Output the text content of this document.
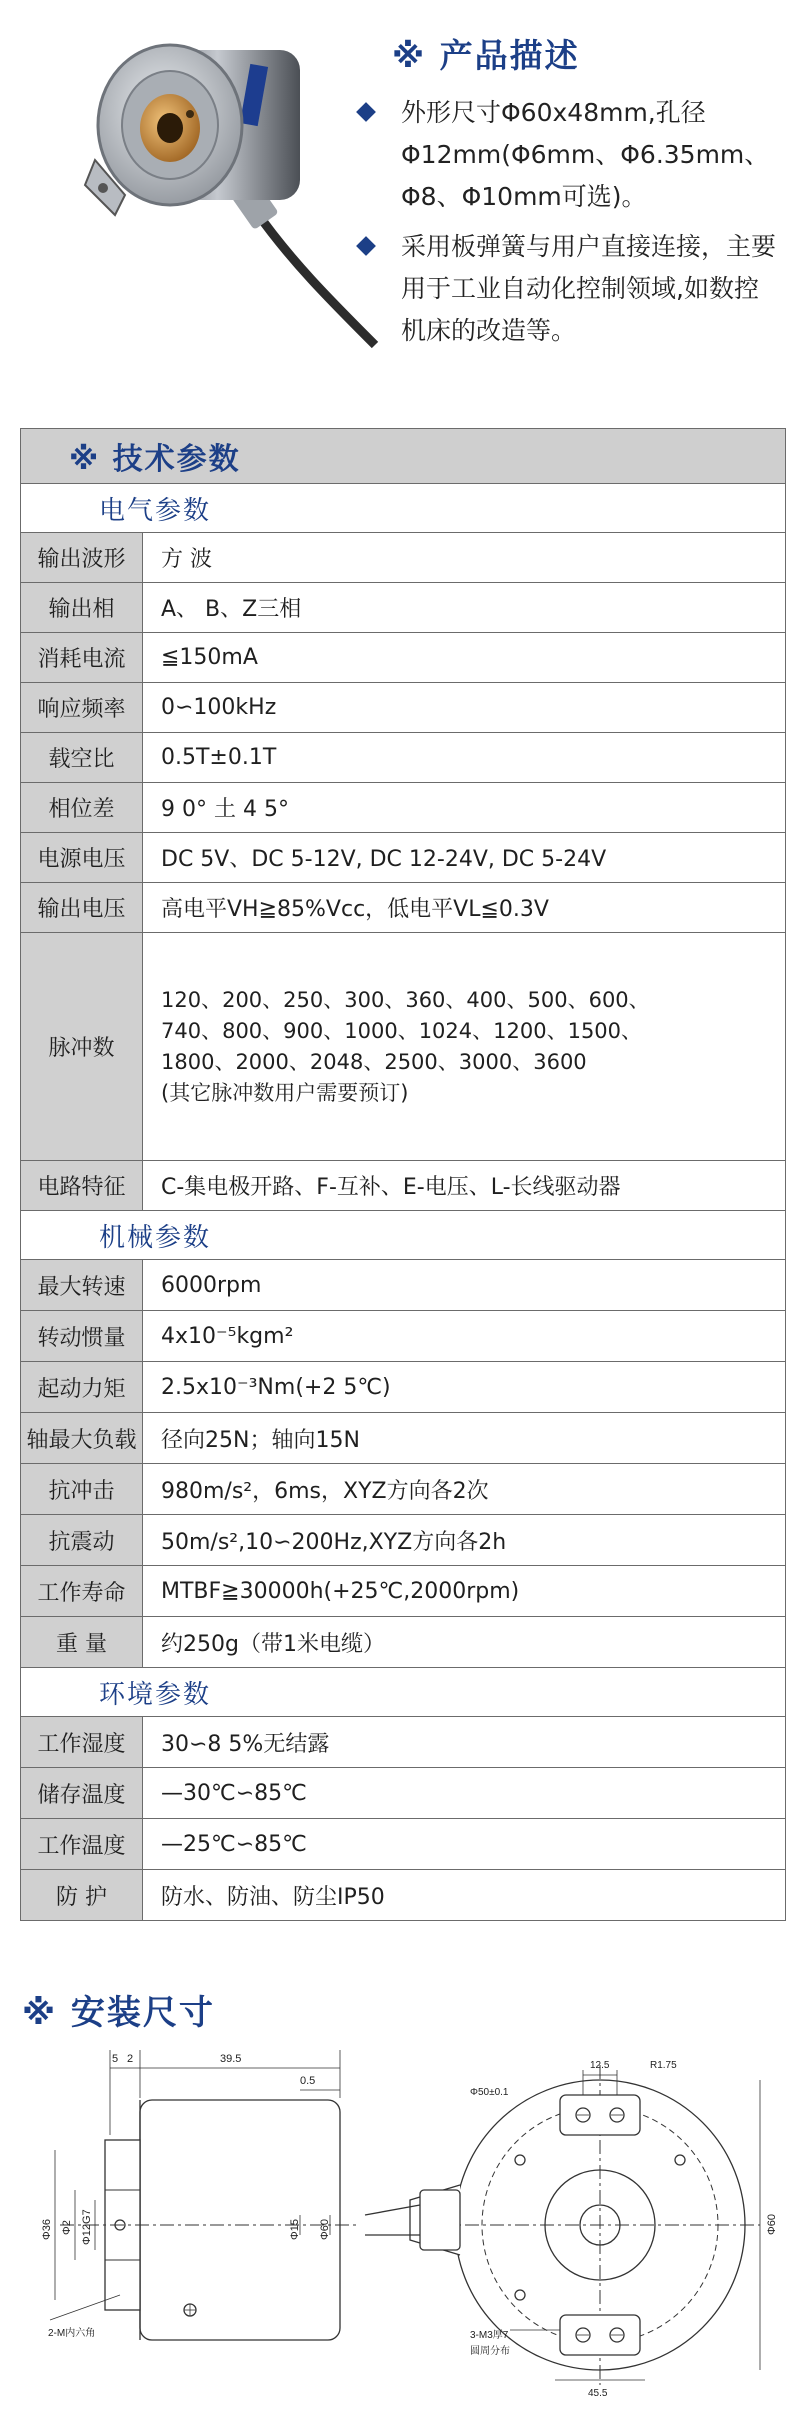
※ 产品描述
外形尺寸Φ60x48mm,孔径Φ12mm(Φ6mm、Φ6.35mm、Φ8、Φ10mm可选)。
采用板弹簧与用户直接连接，主要用于工业自动化控制领域,如数控机床的改造等。
※ 技术参数	
电气参数	
输出波形	方 波
输出相	A、 B、Z三相
消耗电流	≦150mA
响应频率	0∽100kHz
载空比	0.5T±0.1T
相位差	9 0° 土 4 5°
电源电压	DC 5V、DC 5-12V, DC 12-24V, DC 5-24V
输出电压	高电平VH≧85%Vcc，低电平VL≦0.3V
脉冲数	120、200、250、300、360、400、500、600、
740、800、900、1000、1024、1200、1500、
1800、2000、2048、2500、3000、3600
(其它脉冲数用户需要预订)

电路特征	C-集电极开路、F-互补、E-电压、L-长线驱动器
机械参数	
最大转速	6000rpm
转动惯量	4x10⁻⁵kgm²
起动力矩	2.5x10⁻³Nm(+2 5℃)
轴最大负载	径向25N；轴向15N
抗冲击	980m/s²，6ms，XYZ方向各2次
抗震动	50m/s²,10∽200Hz,XYZ方向各2h
工作寿命	MTBF≧30000h(+25℃,2000rpm)
重 量	约250g（带1米电缆）
环境参数	
工作湿度	30∽8 5%无结露
储存温度	—30℃∽85℃
工作温度	—25℃∽85℃
防 护	防水、防油、防尘IP50
※ 安装尺寸
5 2	39.5
0.5
Φ36 Φ2 Φ12G7	Φ15 Φ60
2-M内六角
Φ50±0.1
12.5	R1.75
Φ60
3-M3厚7
圆周分布
45.5
